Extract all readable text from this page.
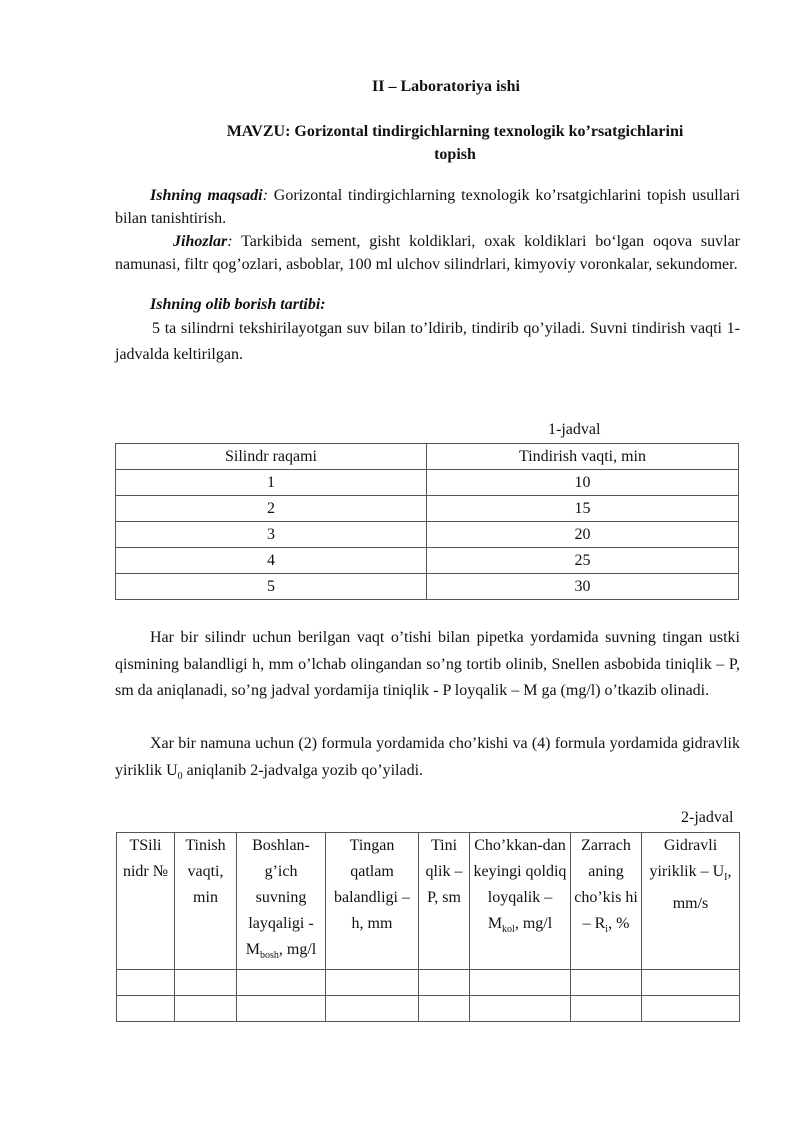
II – Laboratoriya ishi
MAVZU: Gorizontal tindirgichlarning texnologik ko’rsatgichlarini
topish
Ishning maqsadi: Gorizontal tindirgichlarning texnologik ko’rsatgichlarini topish usullari bilan tanishtirish.
Jihozlar: Tarkibida sement, gisht koldiklari, oxak koldiklari bo‘lgan oqova suvlar namunasi, filtr qog’ozlari, asboblar, 100 ml ulchov silindrlari, kimyoviy voronkalar, sekundomer.
Ishning olib borish tartibi:
5 ta silindrni tekshirilayotgan suv bilan to’ldirib, tindirib qo’yiladi. Suvni tindirish vaqti 1-jadvalda keltirilgan.
1-jadval
Silindr raqami	Tindirish vaqti, min
1	10
2	15
3	20
4	25
5	30
Har bir silindr uchun berilgan vaqt o’tishi bilan pipetka yordamida suvning tingan ustki qismining balandligi h, mm o’lchab olingandan so’ng tortib olinib, Snellen asbobida tiniqlik – P, sm da aniqlanadi, so’ng jadval yordamija tiniqlik - P loyqalik – M ga (mg/l) o’tkazib olinadi.
Xar bir namuna uchun (2) formula yordamida cho’kishi va (4) formula yordamida gidravlik yiriklik $U_0$ aniqlanib 2-jadvalga yozib qo’yiladi.
2-jadval
TSili nidr №	Tinish vaqti, min	Boshlan-g’ich suvning layqaligi - $M_{bosh}$, mg/l	Tingan qatlam balandligi – h, mm	Tini qlik – P, sm	Cho’kkan-dan keyingi qoldiq loyqalik – $M_{kol}$, mg/l	Zarrach aning cho’kis hi – $R_i$, %	Gidravli yiriklik – $U_I$, mm/s
